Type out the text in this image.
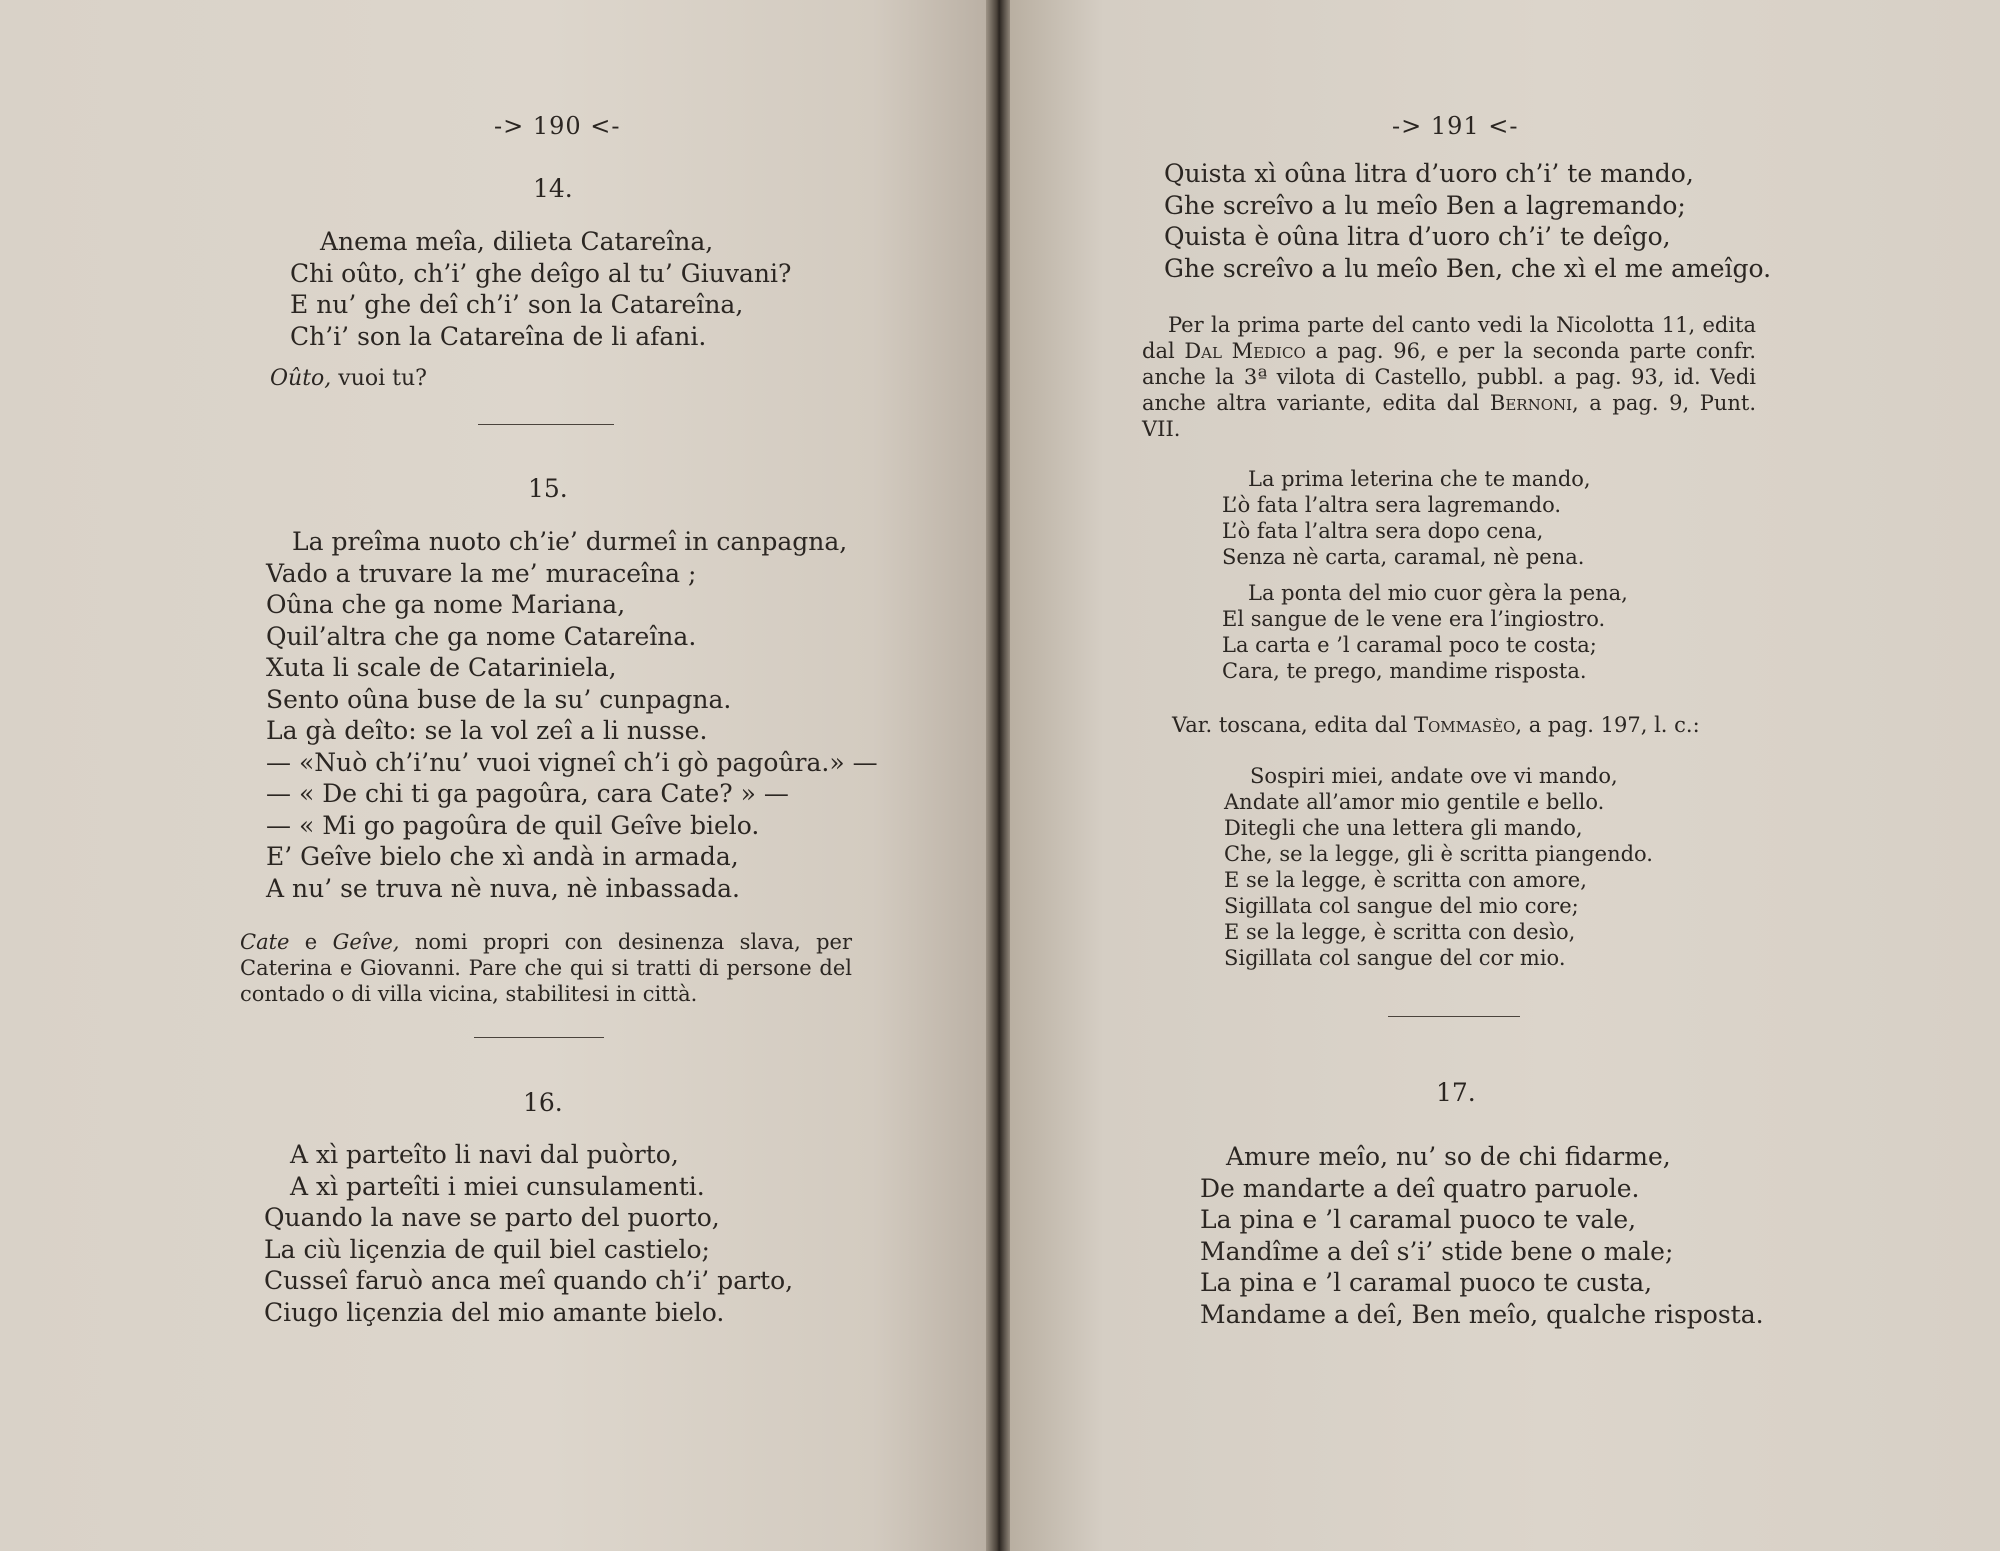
-> 190 <-
14.
Anema meîa, dilieta Catareîna,
Chi oûto, ch’i’ ghe deîgo al tu’ Giuvani?
E nu’ ghe deî ch’i’ son la Catareîna,
Ch’i’ son la Catareîna de li afani.

Oûto, vuoi tu?

15.
La preîma nuoto ch’ie’ durmeî in canpagna,
Vado a truvare la me’ muraceîna ;
Oûna che ga nome Mariana,
Quil’altra che ga nome Catareîna.
Xuta li scale de Catariniela,
Sento oûna buse de la su’ cunpagna.
La gà deîto: se la vol zeî a li nusse.
— «Nuò ch’i’nu’ vuoi vigneî ch’i gò pagoûra.» —
— « De chi ti ga pagoûra, cara Cate? » —
— « Mi go pagoûra de quil Geîve bielo.
E’ Geîve bielo che xì andà in armada,
A nu’ se truva nè nuva, nè inbassada.

Cate e Geîve, nomi propri con desinenza slava, per Caterina e Giovanni. Pare che qui si tratti di persone del contado o di villa vicina, stabilitesi in città.

16.
A xì parteîto li navi dal puòrto,
A xì parteîti i miei cunsulamenti.
Quando la nave se parto del puorto,
La ciù liçenzia de quil biel castielo;
Cusseî faruò anca meî quando ch’i’ parto,
Ciugo liçenzia del mio amante bielo.
-> 191 <-
Quista xì oûna litra d’uoro ch’i’ te mando,
Ghe screîvo a lu meîo Ben a lagremando;
Quista è oûna litra d’uoro ch’i’ te deîgo,
Ghe screîvo a lu meîo Ben, che xì el me ameîgo.

Per la prima parte del canto vedi la Nicolotta 11, edita dal Dal Medico a pag. 96, e per la seconda parte confr. anche la 3ª vilota di Castello, pubbl. a pag. 93, id. Vedi anche altra variante, edita dal Bernoni, a pag. 9, Punt. VII.

La prima leterina che te mando,
L’ò fata l’altra sera lagremando.
L’ò fata l’altra sera dopo cena,
Senza nè carta, caramal, nè pena.
La ponta del mio cuor gèra la pena,
El sangue de le vene era l’ingiostro.
La carta e ’l caramal poco te costa;
Cara, te prego, mandime risposta.

Var. toscana, edita dal Tommasèo, a pag. 197, l. c.:

Sospiri miei, andate ove vi mando,
Andate all’amor mio gentile e bello.
Ditegli che una lettera gli mando,
Che, se la legge, gli è scritta piangendo.
E se la legge, è scritta con amore,
Sigillata col sangue del mio core;
E se la legge, è scritta con desìo,
Sigillata col sangue del cor mio.
17.
Amure meîo, nu’ so de chi fidarme,
De mandarte a deî quatro paruole.
La pina e ’l caramal puoco te vale,
Mandîme a deî s’i’ stide bene o male;
La pina e ’l caramal puoco te custa,
Mandame a deî, Ben meîo, qualche risposta.
